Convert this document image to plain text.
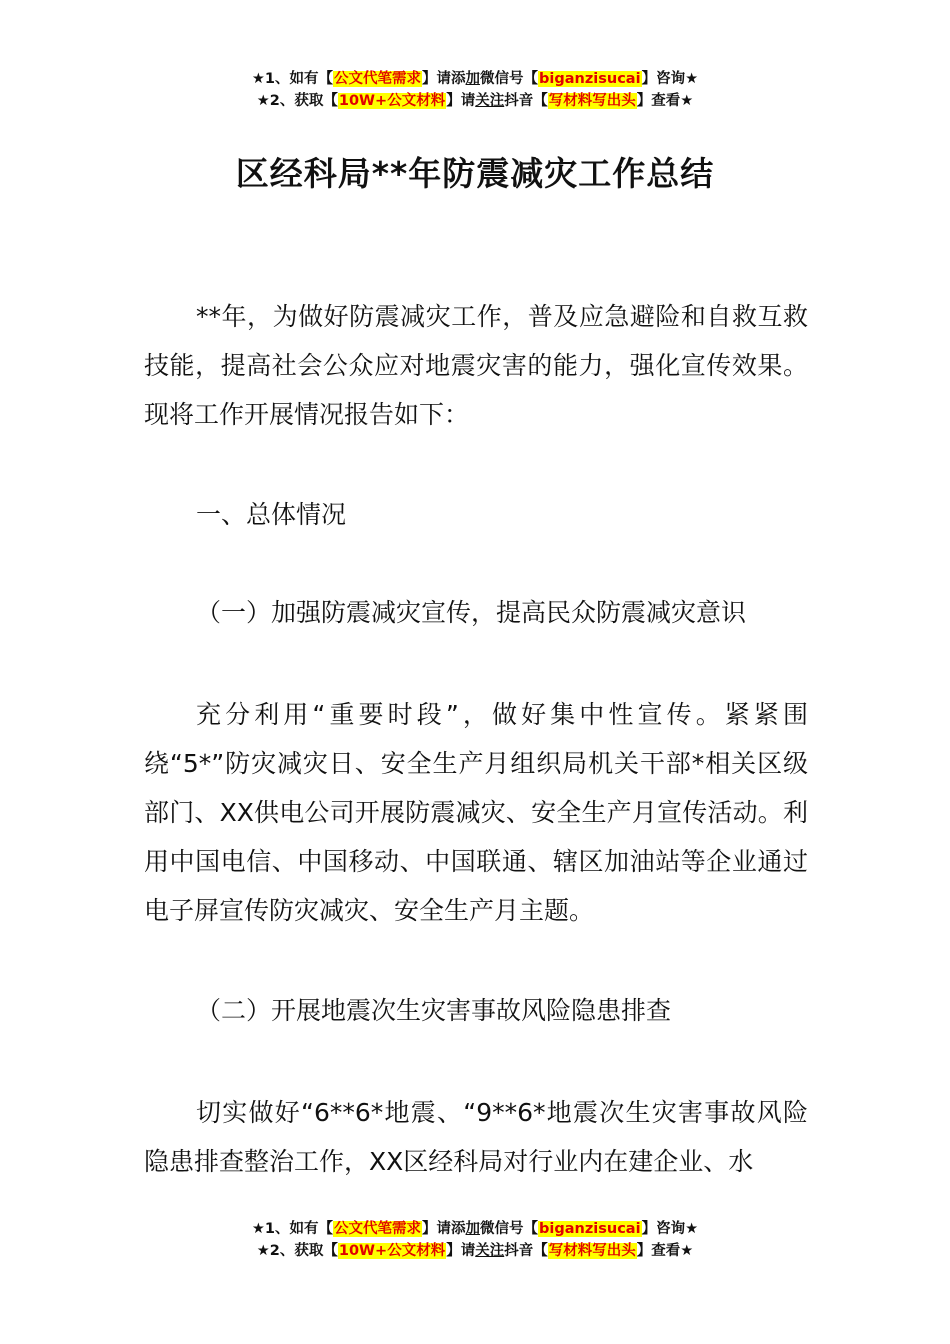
★1、如有【公文代笔需求】请添加微信号【biganzisucai】咨询★
★2、获取【10W+公文材料】请关注抖音【写材料写出头】查看★
区经科局**年防震减灾工作总结

**年，为做好防震减灾工作，普及应急避险和自救互救技能，提高社会公众应对地震灾害的能力，强化宣传效果。现将工作开展情况报告如下：

一、总体情况

（一）加强防震减灾宣传，提高民众防震减灾意识

充分利用“重要时段”，做好集中性宣传。紧紧围绕“5*”防灾减灾日、安全生产月组织局机关干部*相关区级部门、XX供电公司开展防震减灾、安全生产月宣传活动。利用中国电信、中国移动、中国联通、辖区加油站等企业通过电子屏宣传防灾减灾、安全生产月主题。

（二）开展地震次生灾害事故风险隐患排查

切实做好“6**6*地震、“9**6*地震次生灾害事故风险隐患排查整治工作，XX区经科局对行业内在建企业、水

★1、如有【公文代笔需求】请添加微信号【biganzisucai】咨询★
★2、获取【10W+公文材料】请关注抖音【写材料写出头】查看★
